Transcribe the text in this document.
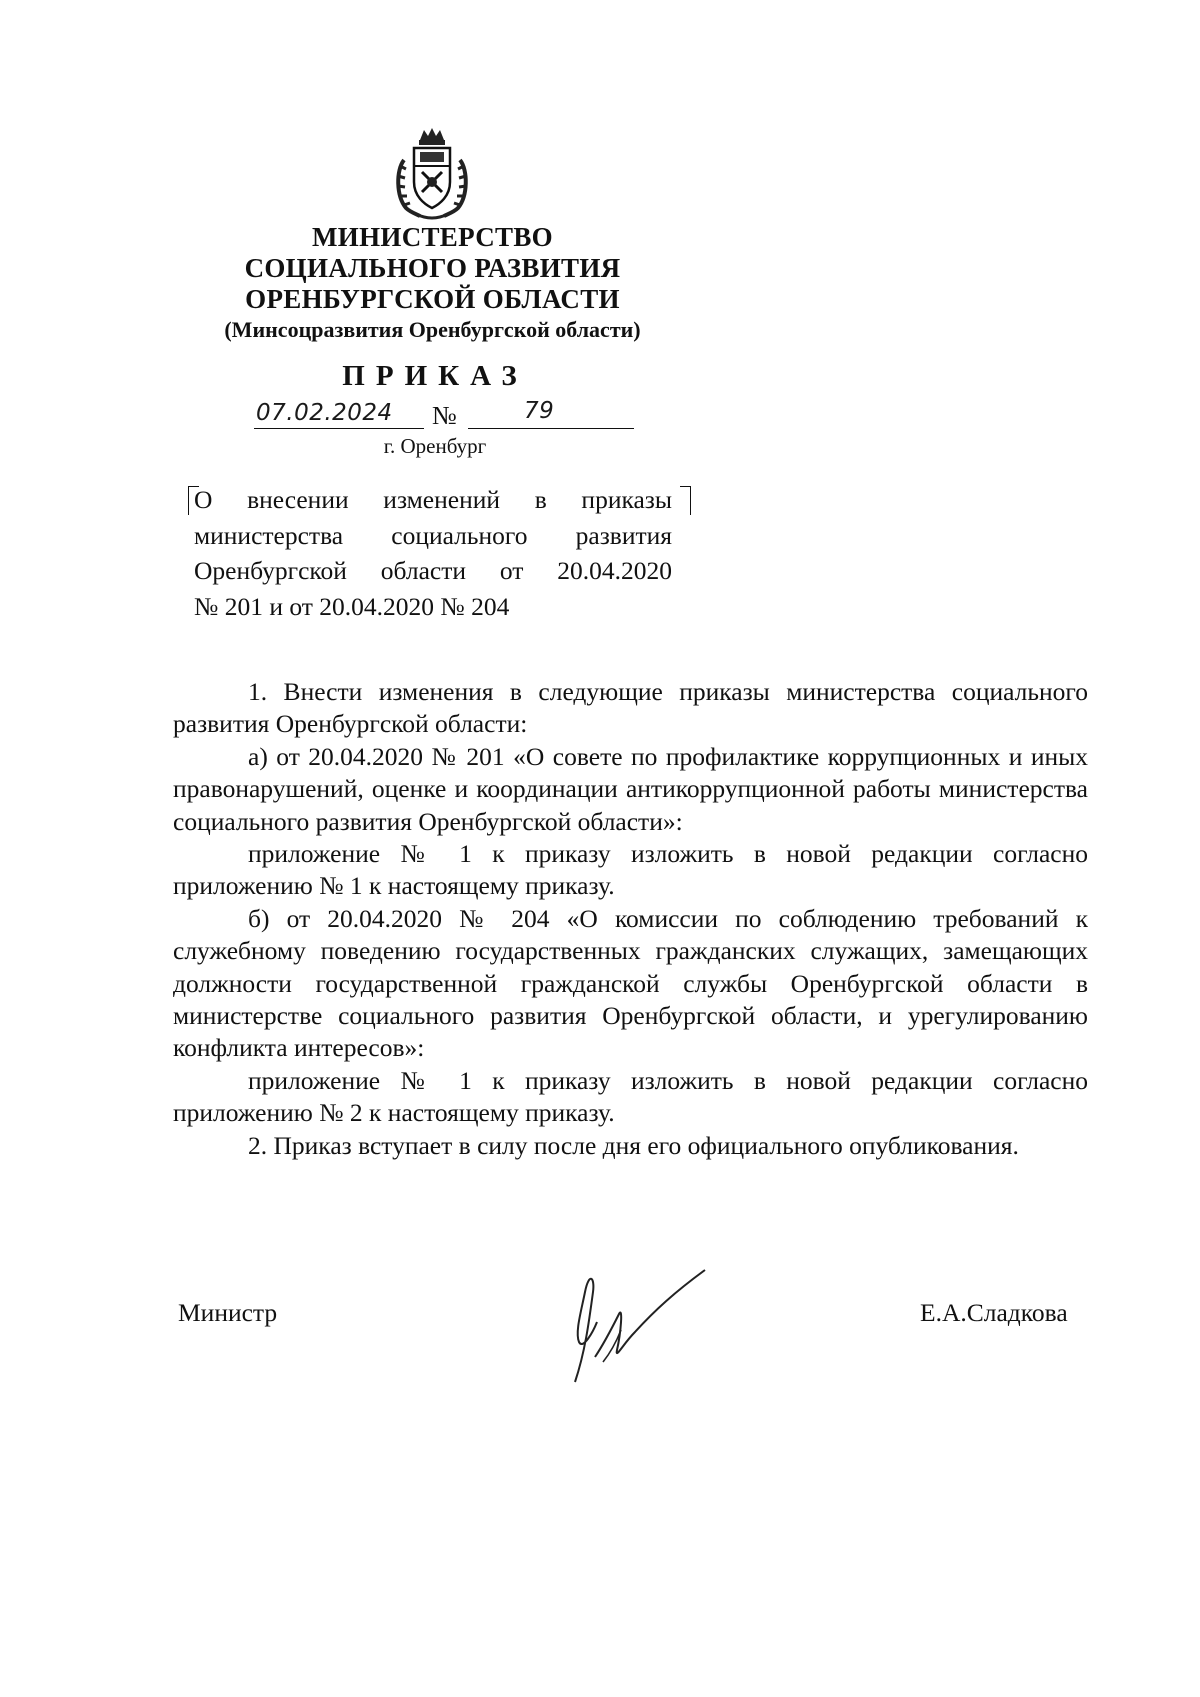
МИНИСТЕРСТВО
СОЦИАЛЬНОГО РАЗВИТИЯ
ОРЕНБУРГСКОЙ ОБЛАСТИ
(Минсоцразвития Оренбургской области)
ПРИКАЗ
07.02.2024 №	79
г. Оренбург
О внесении изменений в приказы
министерства социального развития
Оренбургской области от 20.04.2020
№ 201 и от 20.04.2020 № 204

1. Внести изменения в следующие приказы министерства социального развития Оренбургской области:

а) от 20.04.2020 № 201 «О совете по профилактике коррупционных и иных правонарушений, оценке и координации антикоррупционной работы министерства социального развития Оренбургской области»:

приложение № 1 к приказу изложить в новой редакции согласно приложению № 1 к настоящему приказу.

б) от 20.04.2020 № 204 «О комиссии по соблюдению требований к служебному поведению государственных гражданских служащих, замещающих должности государственной гражданской службы Оренбургской области в министерстве социального развития Оренбургской области, и урегулированию конфликта интересов»:

приложение № 1 к приказу изложить в новой редакции согласно приложению № 2 к настоящему приказу.

2. Приказ вступает в силу после дня его официального опубликования.

Министр	Е.А.Сладкова
